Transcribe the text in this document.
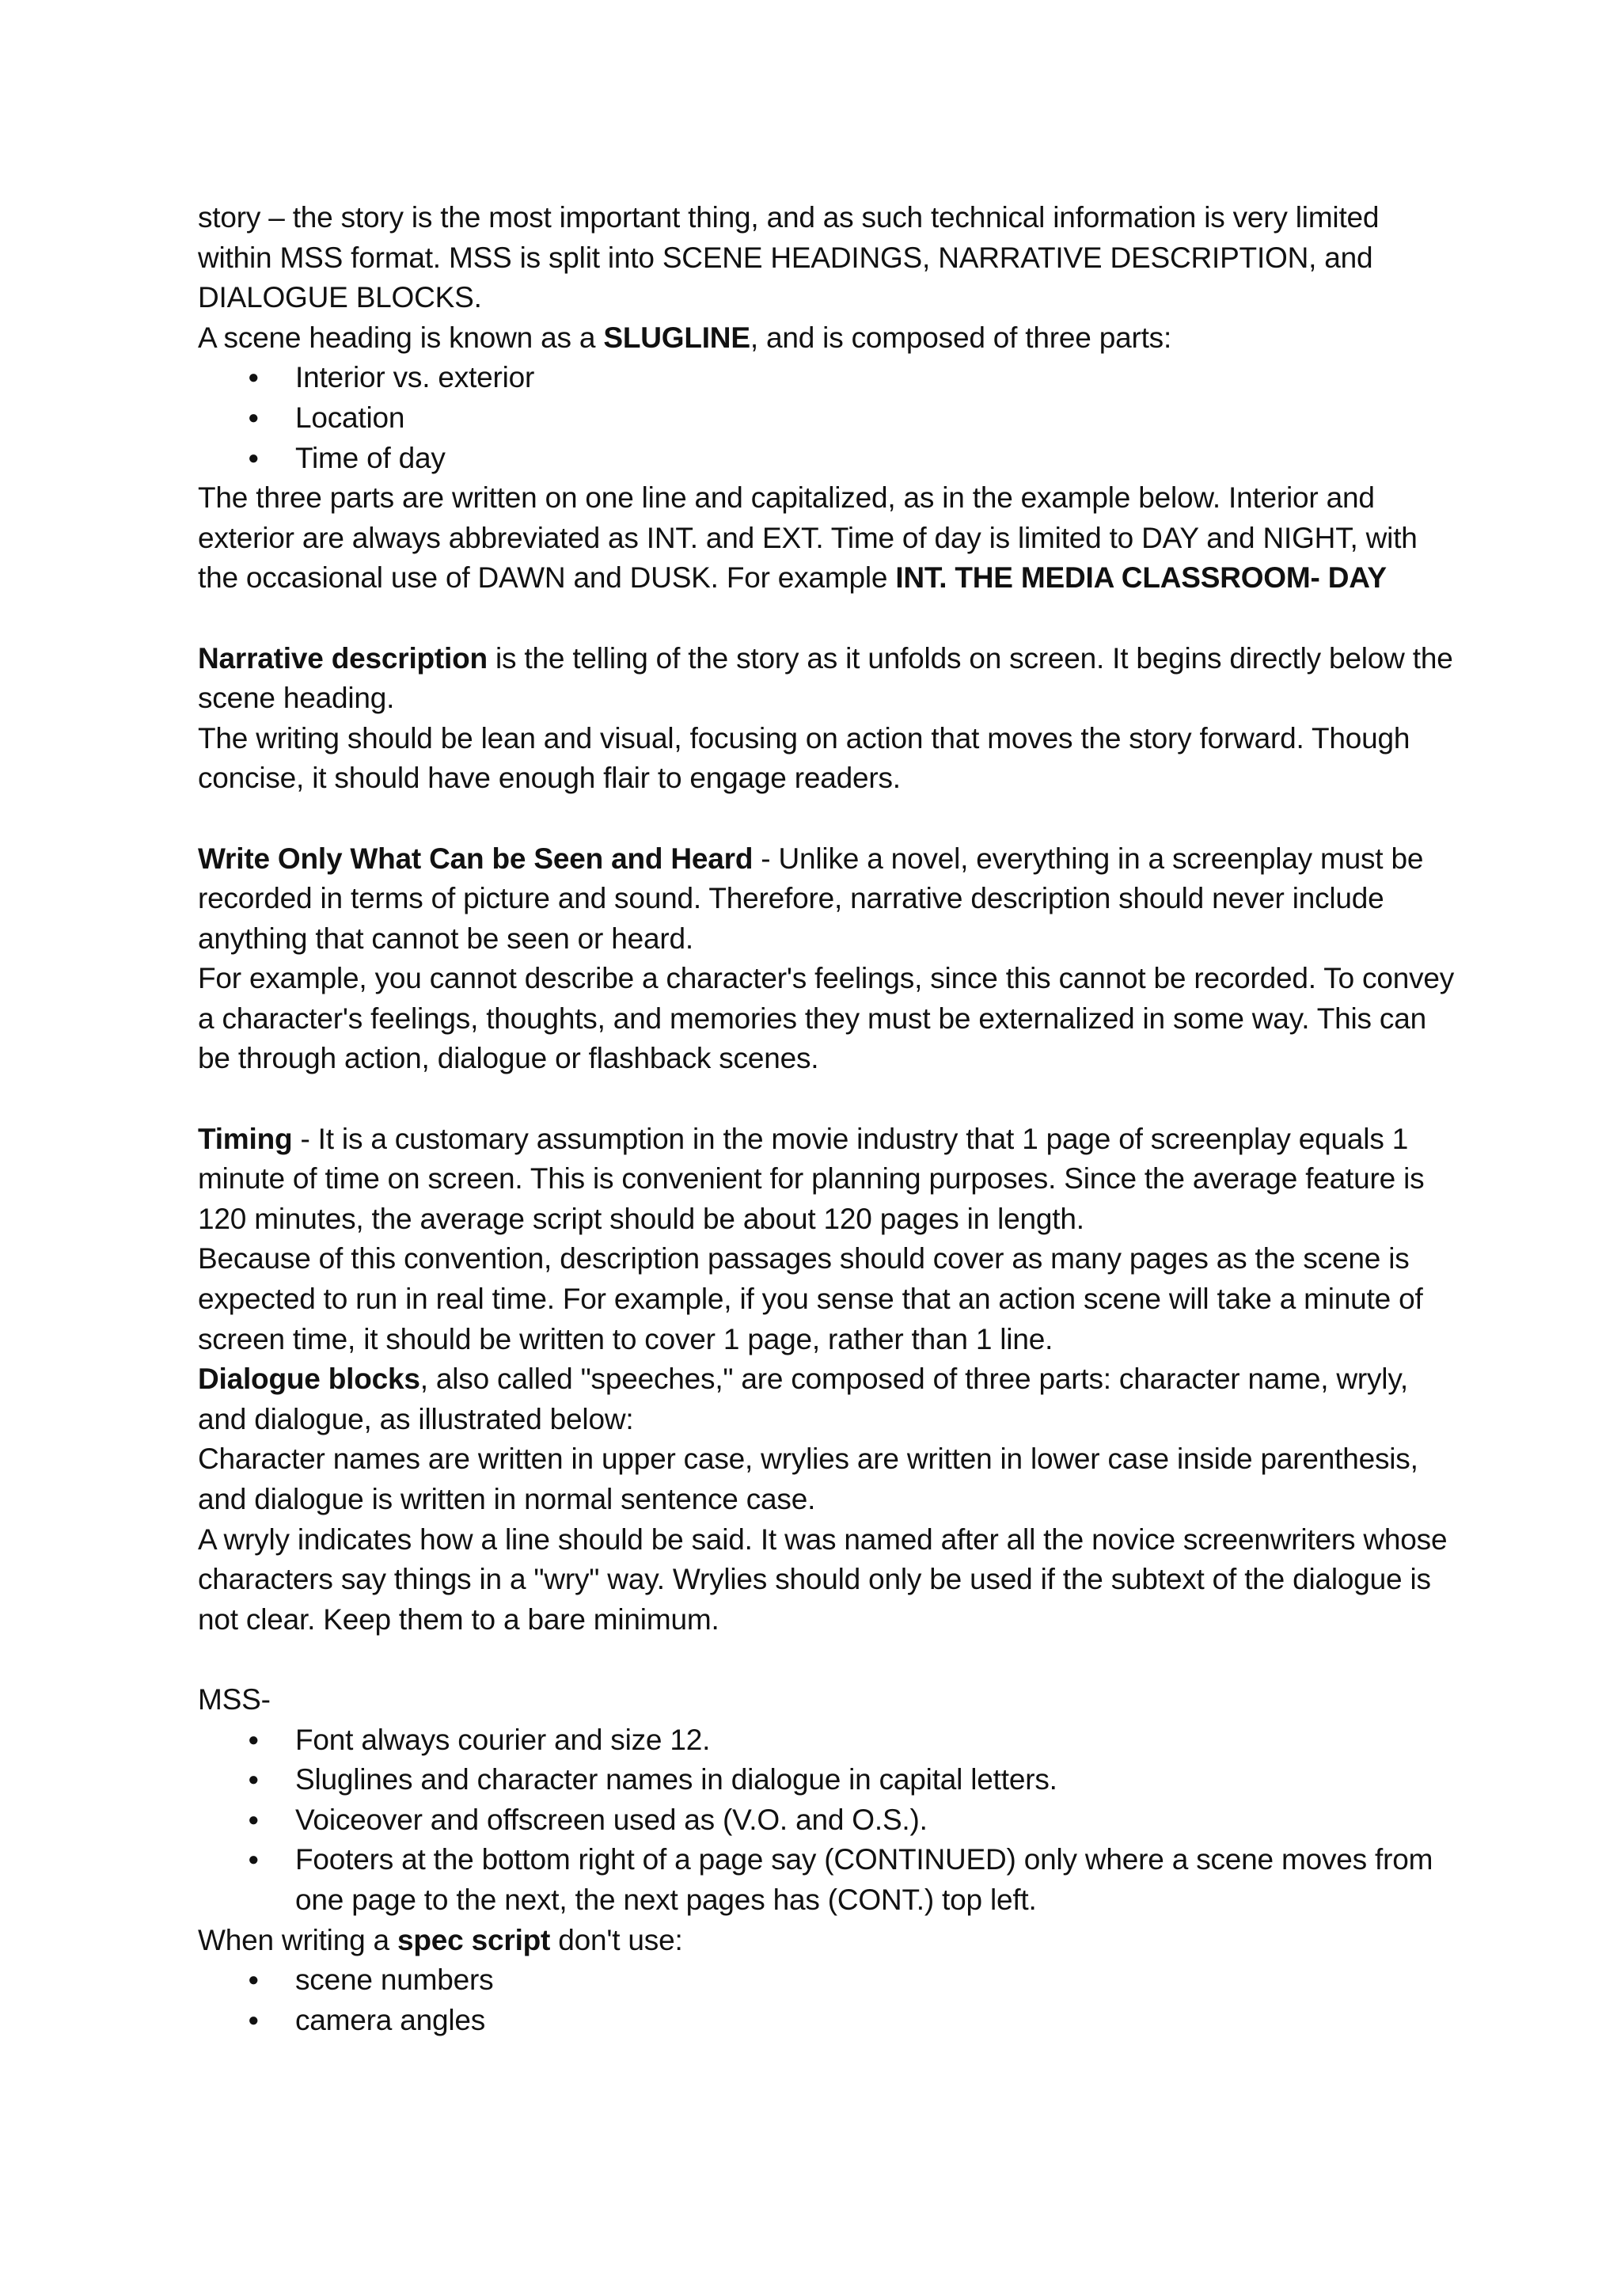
story – the story is the most important thing, and as such technical information is very limited within MSS format. MSS is split into SCENE HEADINGS, NARRATIVE DESCRIPTION, and DIALOGUE BLOCKS.

A scene heading is known as a SLUGLINE, and is composed of three parts:

● Interior vs. exterior
● Location
● Time of day

The three parts are written on one line and capitalized, as in the example below. Interior and exterior are always abbreviated as INT. and EXT. Time of day is limited to DAY and NIGHT, with the occasional use of DAWN and DUSK. For example INT. THE MEDIA CLASSROOM- DAY

Narrative description is the telling of the story as it unfolds on screen. It begins directly below the scene heading.

The writing should be lean and visual, focusing on action that moves the story forward. Though concise, it should have enough flair to engage readers.

Write Only What Can be Seen and Heard - Unlike a novel, everything in a screenplay must be recorded in terms of picture and sound. Therefore, narrative description should never include anything that cannot be seen or heard.

For example, you cannot describe a character's feelings, since this cannot be recorded. To convey a character's feelings, thoughts, and memories they must be externalized in some way. This can be through action, dialogue or flashback scenes.

Timing - It is a customary assumption in the movie industry that 1 page of screenplay equals 1 minute of time on screen. This is convenient for planning purposes. Since the average feature is 120 minutes, the average script should be about 120 pages in length.

Because of this convention, description passages should cover as many pages as the scene is expected to run in real time. For example, if you sense that an action scene will take a minute of screen time, it should be written to cover 1 page, rather than 1 line.

Dialogue blocks, also called "speeches," are composed of three parts: character name, wryly, and dialogue, as illustrated below:

Character names are written in upper case, wrylies are written in lower case inside parenthesis, and dialogue is written in normal sentence case.

A wryly indicates how a line should be said. It was named after all the novice screenwriters whose characters say things in a "wry" way. Wrylies should only be used if the subtext of the dialogue is not clear. Keep them to a bare minimum.

MSS-

● Font always courier and size 12.
● Sluglines and character names in dialogue in capital letters.
● Voiceover and offscreen used as (V.O. and O.S.).
● Footers at the bottom right of a page say (CONTINUED) only where a scene moves from one page to the next, the next pages has (CONT.) top left.

When writing a spec script don't use:

● scene numbers
● camera angles
